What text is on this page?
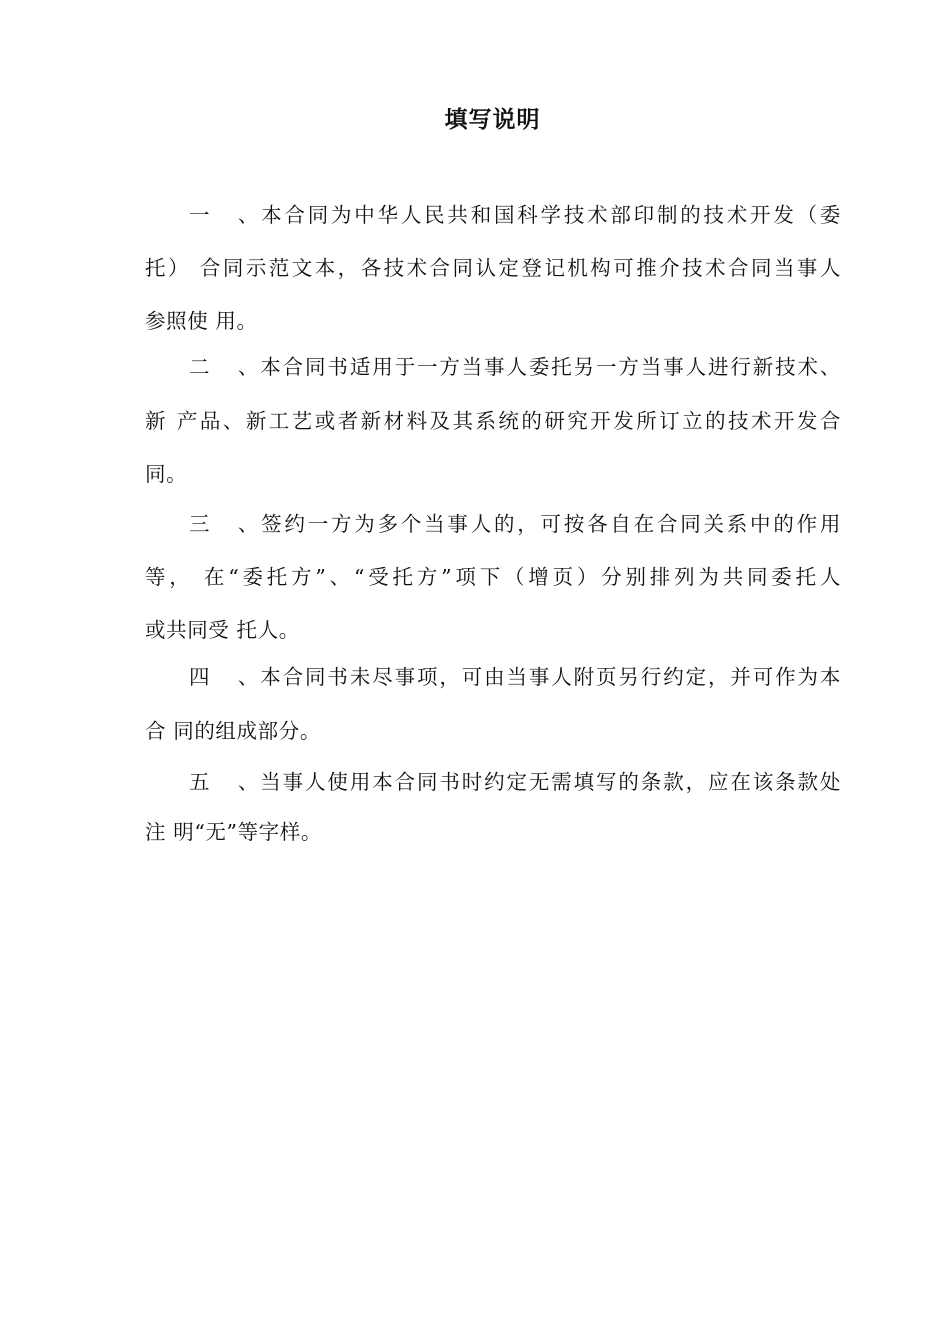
填写说明
一、本合同为中华人民共和国科学技术部印制的技术开发（委
托） 合同示范文本，各技术合同认定登记机构可推介技术合同当事人
参照使 用。
二、本合同书适用于一方当事人委托另一方当事人进行新技术、
新 产品、新工艺或者新材料及其系统的研究开发所订立的技术开发合
同。
三、签约一方为多个当事人的，可按各自在合同关系中的作用
等， 在“委托方”、“受托方”项下（增页）分别排列为共同委托人
或共同受 托人。
四、本合同书未尽事项，可由当事人附页另行约定，并可作为本
合 同的组成部分。
五、当事人使用本合同书时约定无需填写的条款，应在该条款处
注 明“无”等字样。
